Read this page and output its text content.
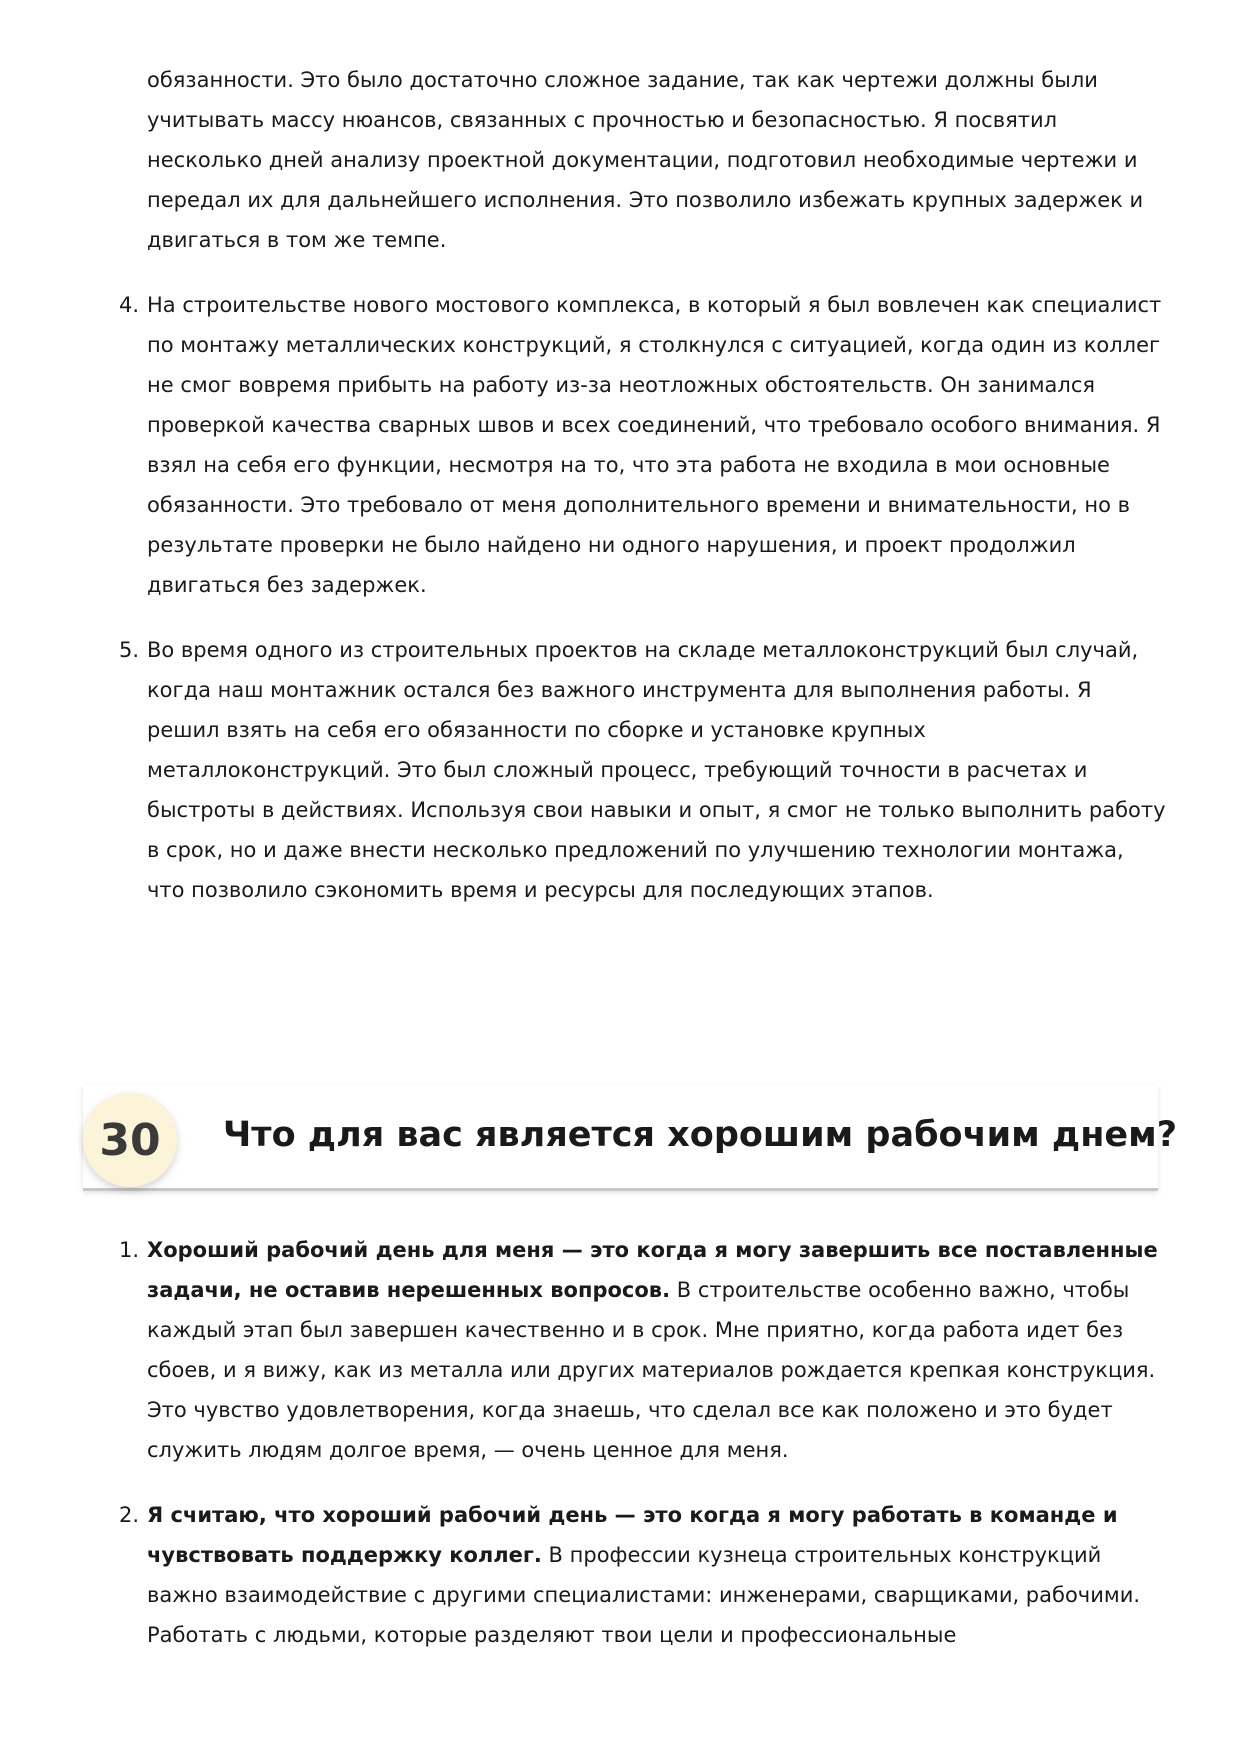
обязанности. Это было достаточно сложное задание, так как чертежи должны были учитывать массу нюансов, связанных с прочностью и безопасностью. Я посвятил несколько дней анализу проектной документации, подготовил необходимые чертежи и передал их для дальнейшего исполнения. Это позволило избежать крупных задержек и двигаться в том же темпе.

4. На строительстве нового мостового комплекса, в который я был вовлечен как специалист по монтажу металлических конструкций, я столкнулся с ситуацией, когда один из коллег не смог вовремя прибыть на работу из-за неотложных обстоятельств. Он занимался проверкой качества сварных швов и всех соединений, что требовало особого внимания. Я взял на себя его функции, несмотря на то, что эта работа не входила в мои основные обязанности. Это требовало от меня дополнительного времени и внимательности, но в результате проверки не было найдено ни одного нарушения, и проект продолжил двигаться без задержек.
5. Во время одного из строительных проектов на складе металлоконструкций был случай, когда наш монтажник остался без важного инструмента для выполнения работы. Я решил взять на себя его обязанности по сборке и установке крупных металлоконструкций. Это был сложный процесс, требующий точности в расчетах и быстроты в действиях. Используя свои навыки и опыт, я смог не только выполнить работу в срок, но и даже внести несколько предложений по улучшению технологии монтажа, что позволило сэкономить время и ресурсы для последующих этапов.
30	Что для вас является хорошим рабочим днем?
1. Хороший рабочий день для меня — это когда я могу завершить все поставленные задачи, не оставив нерешенных вопросов. В строительстве особенно важно, чтобы каждый этап был завершен качественно и в срок. Мне приятно, когда работа идет без сбоев, и я вижу, как из металла или других материалов рождается крепкая конструкция. Это чувство удовлетворения, когда знаешь, что сделал все как положено и это будет служить людям долгое время, — очень ценное для меня.
2. Я считаю, что хороший рабочий день — это когда я могу работать в команде и чувствовать поддержку коллег. В профессии кузнеца строительных конструкций важно взаимодействие с другими специалистами: инженерами, сварщиками, рабочими. Работать с людьми, которые разделяют твои цели и профессиональные
